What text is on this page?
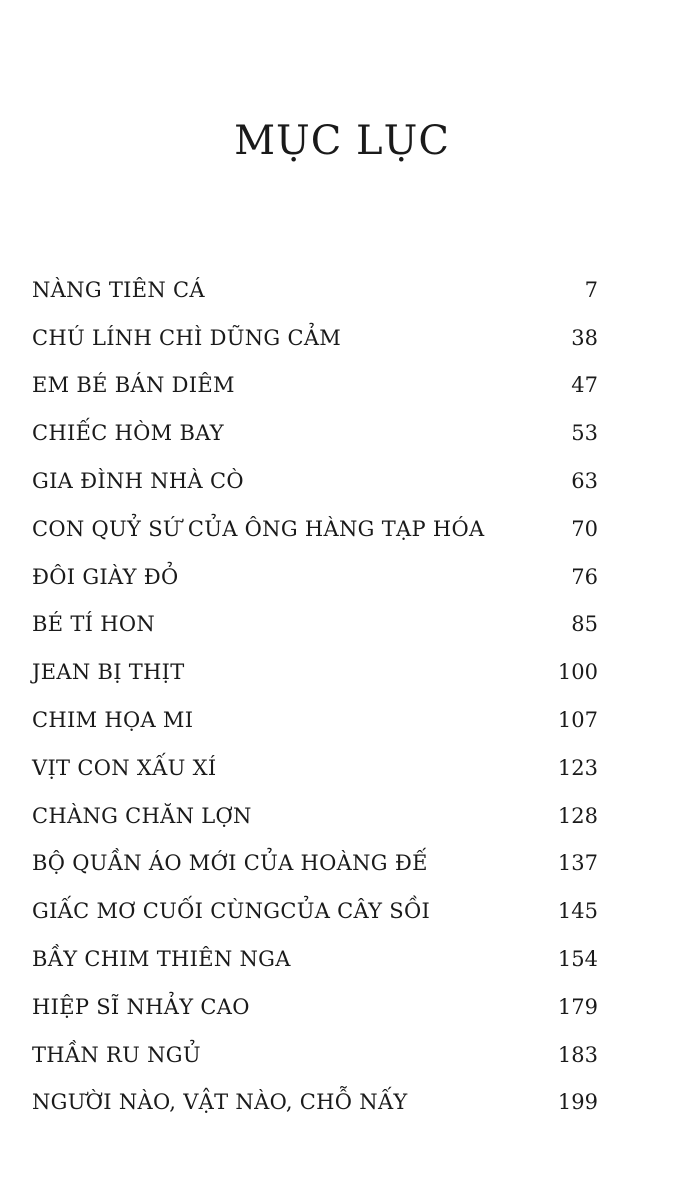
MỤC LỤC
NÀNG TIÊN CÁ	7
CHÚ LÍNH CHÌ DŨNG CẢM	38
EM BÉ BÁN DIÊM	47
CHIẾC HÒM BAY	53
GIA ĐÌNH NHÀ CÒ	63
CON QUỶ SỨ CỦA ÔNG HÀNG TẠP HÓA	70
ĐÔI GIÀY ĐỎ	76
BÉ TÍ HON	85
JEAN BỊ THỊT	100
CHIM HỌA MI	107
VỊT CON XẤU XÍ	123
CHÀNG CHĂN LỢN	128
BỘ QUẦN ÁO MỚI CỦA HOÀNG ĐẾ	137
GIẤC MƠ CUỐI CÙNGCỦA CÂY SỒI	145
BẦY CHIM THIÊN NGA	154
HIỆP SĨ NHẢY CAO	179
THẦN RU NGỦ	183
NGƯỜI NÀO, VẬT NÀO, CHỖ NẤY	199
